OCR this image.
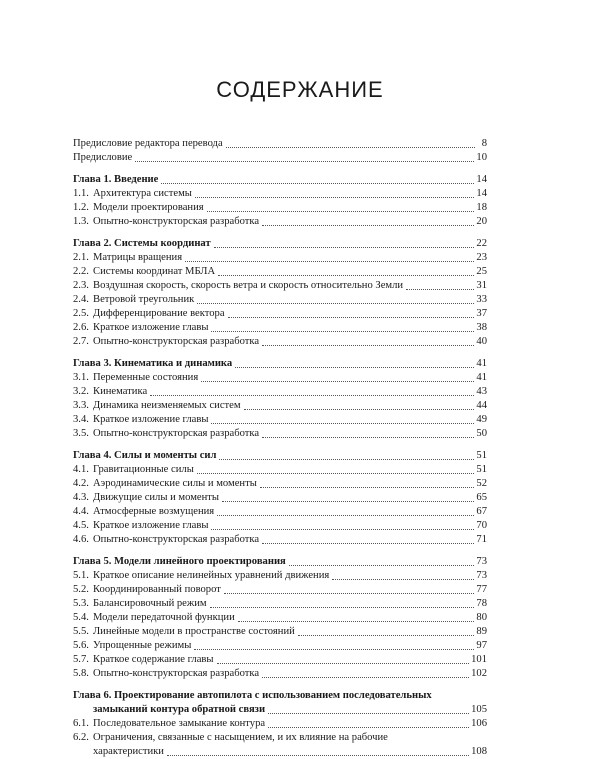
СОДЕРЖАНИЕ
Предисловие редактора перевода	8
Предисловие	10
Глава 1. Введение	14
1.1. Архитектура системы	14
1.2. Модели проектирования	18
1.3. Опытно-конструкторская разработка	20
Глава 2. Системы координат	22
2.1. Матрицы вращения	23
2.2. Системы координат МБЛА	25
2.3. Воздушная скорость, скорость ветра и скорость относительно Земли	31
2.4. Ветровой треугольник	33
2.5. Дифференцирование вектора	37
2.6. Краткое изложение главы	38
2.7. Опытно-конструкторская разработка	40
Глава 3. Кинематика и динамика	41
3.1. Переменные состояния	41
3.2. Кинематика	43
3.3. Динамика неизменяемых систем	44
3.4. Краткое изложение главы	49
3.5. Опытно-конструкторская разработка	50
Глава 4. Силы и моменты сил	51
4.1. Гравитационные силы	51
4.2. Аэродинамические силы и моменты	52
4.3. Движущие силы и моменты	65
4.4. Атмосферные возмущения	67
4.5. Краткое изложение главы	70
4.6. Опытно-конструкторская разработка	71
Глава 5. Модели линейного проектирования	73
5.1. Краткое описание нелинейных уравнений движения	73
5.2. Координированный поворот	77
5.3. Балансировочный режим	78
5.4. Модели передаточной функции	80
5.5. Линейные модели в пространстве состояний	89
5.6. Упрощенные режимы	97
5.7. Краткое содержание главы	101
5.8. Опытно-конструкторская разработка	102
Глава 6. Проектирование автопилота с использованием последовательных
замыканий контура обратной связи	105
6.1. Последовательное замыкание контура	106
6.2. Ограничения, связанные с насыщением, и их влияние на рабочие
характеристики	108
